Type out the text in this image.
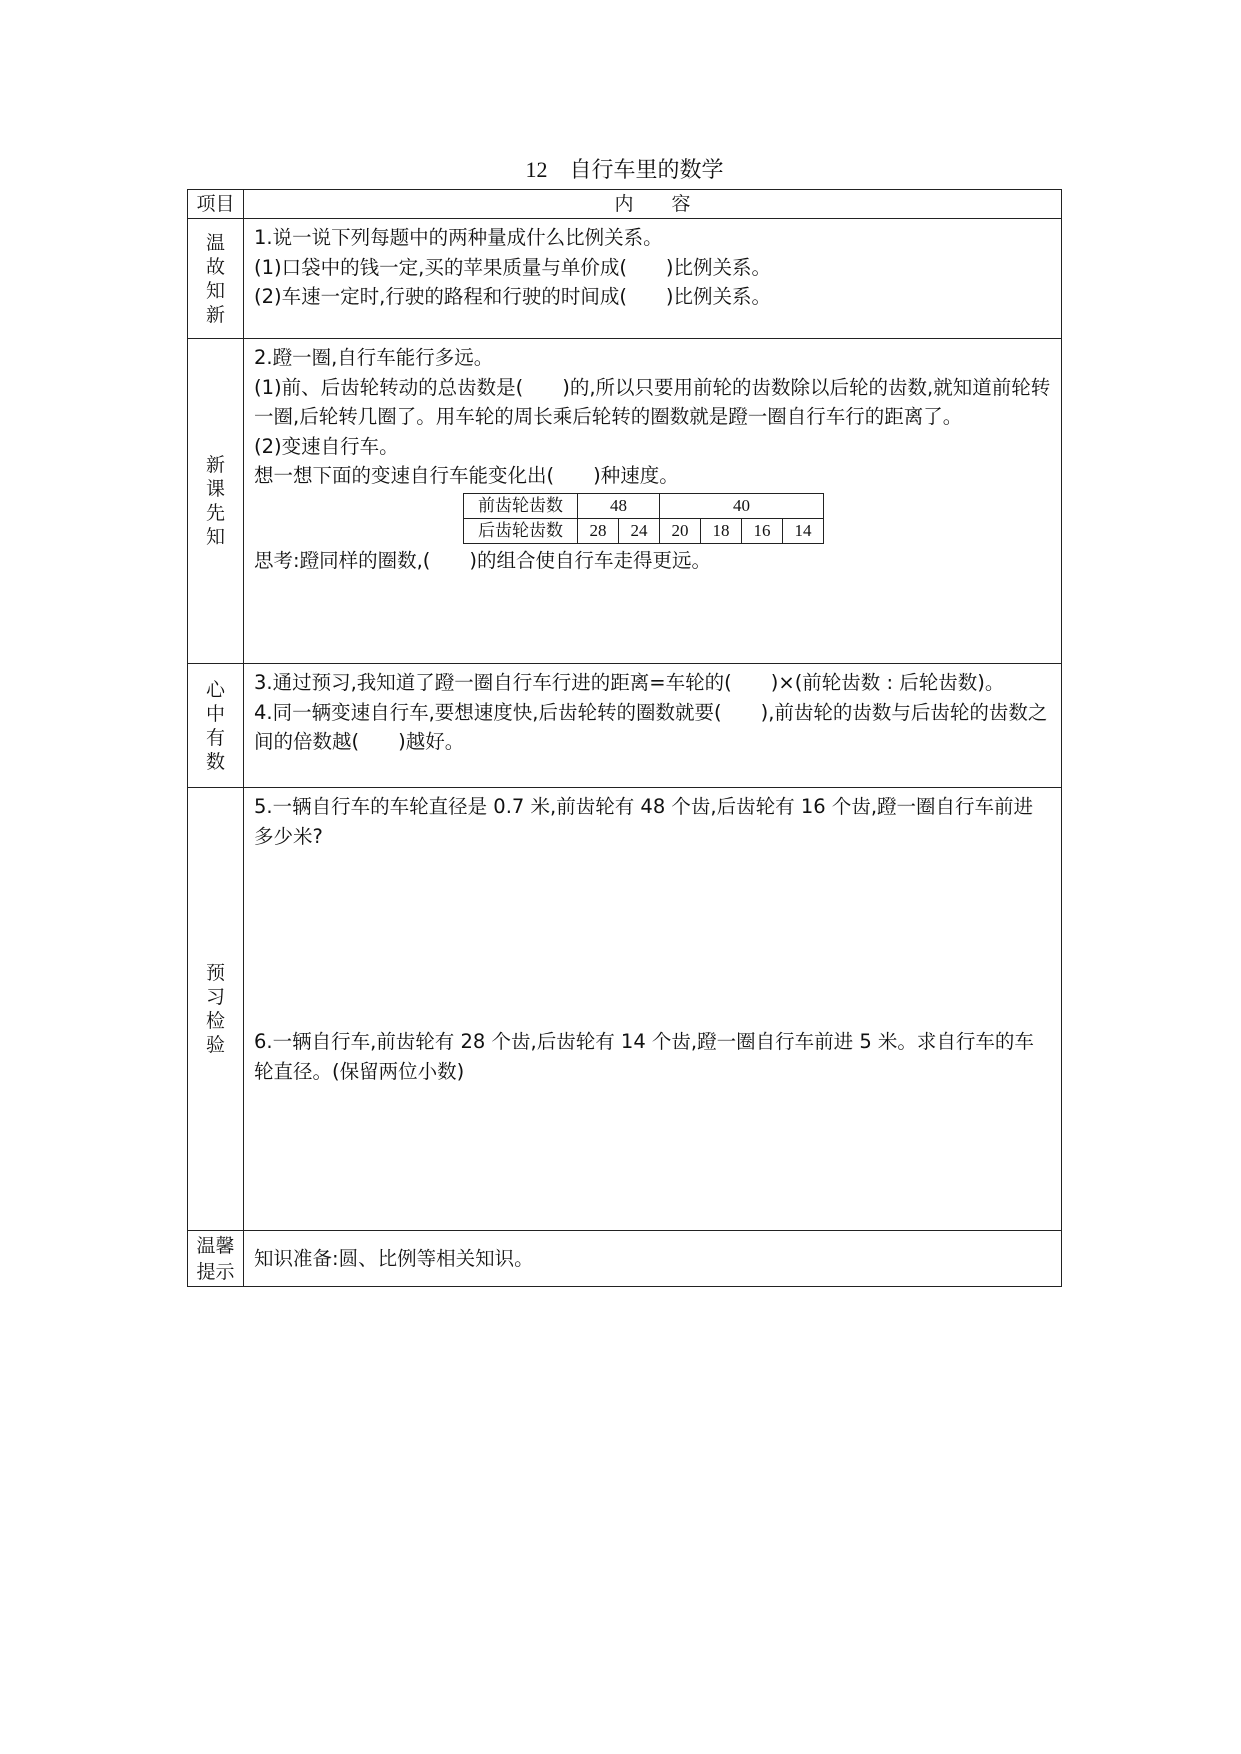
12 自行车里的数学
项目	内　　容
温故知新	

1.说一说下列每题中的两种量成什么比例关系。

(1)口袋中的钱一定,买的苹果质量与单价成(　　)比例关系。

(2)车速一定时,行驶的路程和行驶的时间成(　　)比例关系。

新课先知	

2.蹬一圈,自行车能行多远。

(1)前、后齿轮转动的总齿数是(　　)的,所以只要用前轮的齿数除以后轮的齿数,就知道前轮转一圈,后轮转几圈了。用车轮的周长乘后轮转的圈数就是蹬一圈自行车行的距离了。

(2)变速自行车。

想一想下面的变速自行车能变化出(　　)种速度。

前齿轮齿数	48	40
后齿轮齿数	28	24	20	18	16	14

思考:蹬同样的圈数,(　　)的组合使自行车走得更远。

心中有数	

3.通过预习,我知道了蹬一圈自行车行进的距离=车轮的(　　)×(前轮齿数 : 后轮齿数)。

4.同一辆变速自行车,要想速度快,后齿轮转的圈数就要(　　),前齿轮的齿数与后齿轮的齿数之间的倍数越(　　)越好。

预习检验	

5.一辆自行车的车轮直径是 0.7 米,前齿轮有 48 个齿,后齿轮有 16 个齿,蹬一圈自行车前进多少米?

6.一辆自行车,前齿轮有 28 个齿,后齿轮有 14 个齿,蹬一圈自行车前进 5 米。求自行车的车轮直径。(保留两位小数)

温馨
提示

知识准备:圆、比例等相关知识。
